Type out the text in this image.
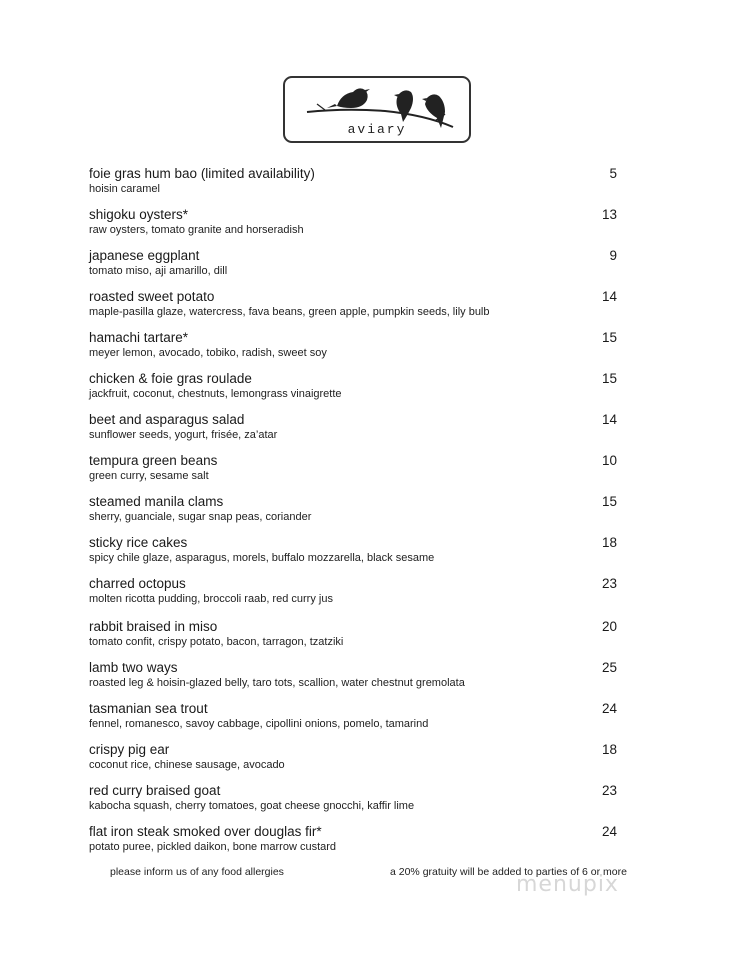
aviary
foie gras hum bao (limited availability)
hoisin caramel
5
shigoku oysters*
raw oysters, tomato granite and horseradish
13
japanese eggplant
tomato miso, aji amarillo, dill
9
roasted sweet potato
maple-pasilla glaze, watercress, fava beans, green apple, pumpkin seeds, lily bulb
14
hamachi tartare*
meyer lemon, avocado, tobiko, radish, sweet soy
15
chicken & foie gras roulade
jackfruit, coconut, chestnuts, lemongrass vinaigrette
15
beet and asparagus salad
sunflower seeds, yogurt, frisée, za’atar
14
tempura green beans
green curry, sesame salt
10
steamed manila clams
sherry, guanciale, sugar snap peas, coriander
15
sticky rice cakes
spicy chile glaze, asparagus, morels, buffalo mozzarella, black sesame
18
charred octopus
molten ricotta pudding, broccoli raab, red curry jus
23
rabbit braised in miso
tomato confit, crispy potato, bacon, tarragon, tzatziki
20
lamb two ways
roasted leg & hoisin-glazed belly, taro tots, scallion, water chestnut gremolata
25
tasmanian sea trout
fennel, romanesco, savoy cabbage, cipollini onions, pomelo, tamarind
24
crispy pig ear
coconut rice, chinese sausage, avocado
18
red curry braised goat
kabocha squash, cherry tomatoes, goat cheese gnocchi, kaffir lime
23
flat iron steak smoked over douglas fir*
potato puree, pickled daikon, bone marrow custard
24
please inform us of any food allergies	a 20% gratuity will be added to parties of 6 or more
menupix
